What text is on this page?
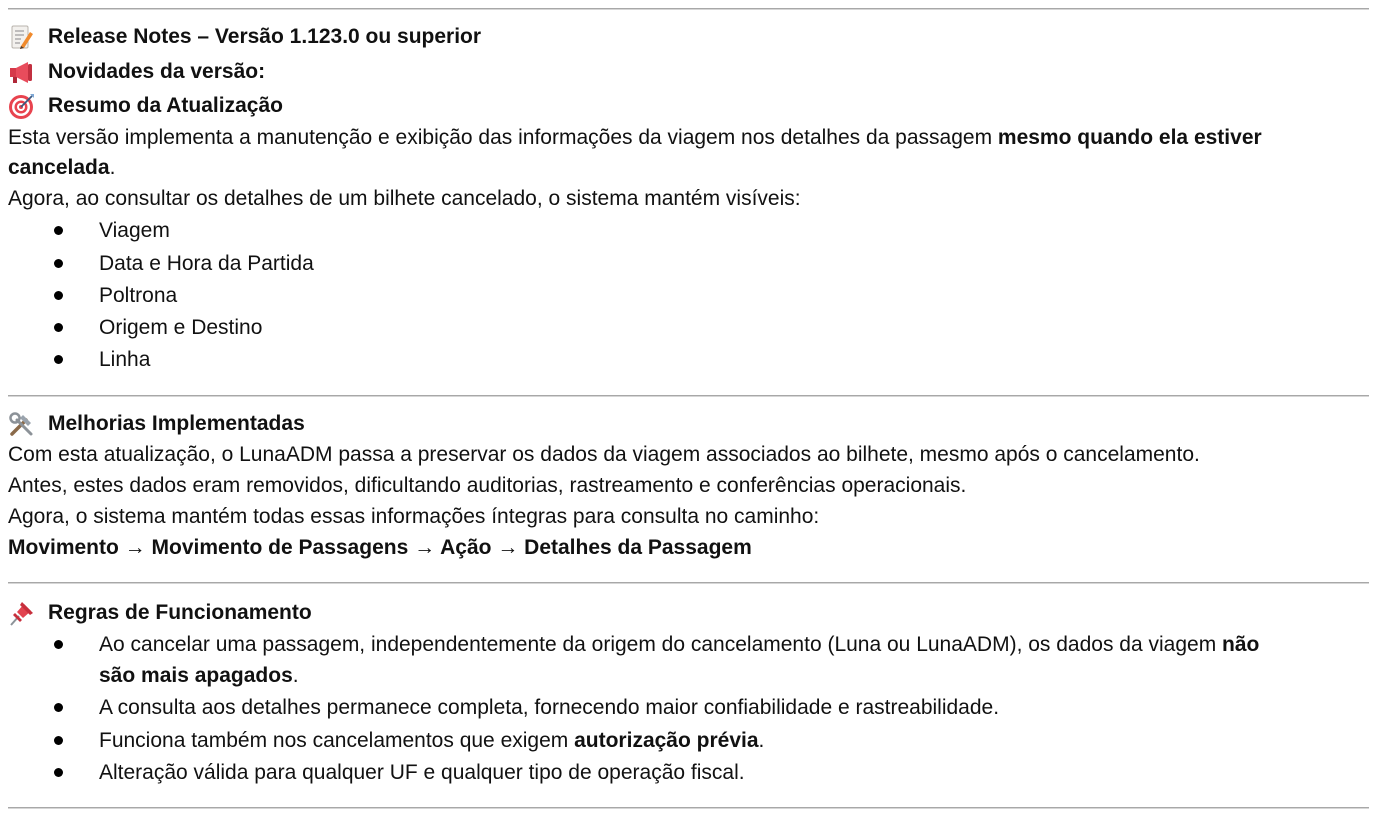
Release Notes – Versão 1.123.0 ou superior
Novidades da versão:
Resumo da Atualização
Esta versão implementa a manutenção e exibição das informações da viagem nos detalhes da passagem mesmo quando ela estiver
cancelada.
Agora, ao consultar os detalhes de um bilhete cancelado, o sistema mantém visíveis:
Viagem
Data e Hora da Partida
Poltrona
Origem e Destino
Linha
Melhorias Implementadas
Com esta atualização, o LunaADM passa a preservar os dados da viagem associados ao bilhete, mesmo após o cancelamento.
Antes, estes dados eram removidos, dificultando auditorias, rastreamento e conferências operacionais.
Agora, o sistema mantém todas essas informações íntegras para consulta no caminho:
Movimento → Movimento de Passagens → Ação → Detalhes da Passagem
Regras de Funcionamento
Ao cancelar uma passagem, independentemente da origem do cancelamento (Luna ou LunaADM), os dados da viagem não
são mais apagados.
A consulta aos detalhes permanece completa, fornecendo maior confiabilidade e rastreabilidade.
Funciona também nos cancelamentos que exigem autorização prévia.
Alteração válida para qualquer UF e qualquer tipo de operação fiscal.
